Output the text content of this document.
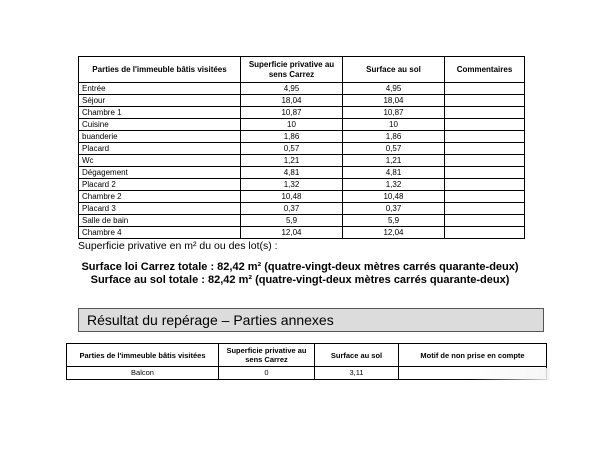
Parties de l'immeuble bâtis visitées	Superficie privative au sens Carrez	Surface au sol	Commentaires
Entrée	4,95	4,95	
Séjour	18,04	18,04	
Chambre 1	10,87	10,87	
Cuisine	10	10	
buanderie	1,86	1,86	
Placard	0,57	0,57	
Wc	1,21	1,21	
Dégagement	4,81	4,81	
Placard 2	1,32	1,32	
Chambre 2	10,48	10,48	
Placard 3	0,37	0,37	
Salle de bain	5,9	5,9	
Chambre 4	12,04	12,04	
Superficie privative en m² du ou des lot(s) :
Surface loi Carrez totale : 82,42 m² (quatre-vingt-deux mètres carrés quarante-deux)
Surface au sol totale : 82,42 m² (quatre-vingt-deux mètres carrés quarante-deux)
Résultat du repérage – Parties annexes
Parties de l'immeuble bâtis visitées	Superficie privative au sens Carrez	Surface au sol	Motif de non prise en compte
Balcon	0	3,11	
